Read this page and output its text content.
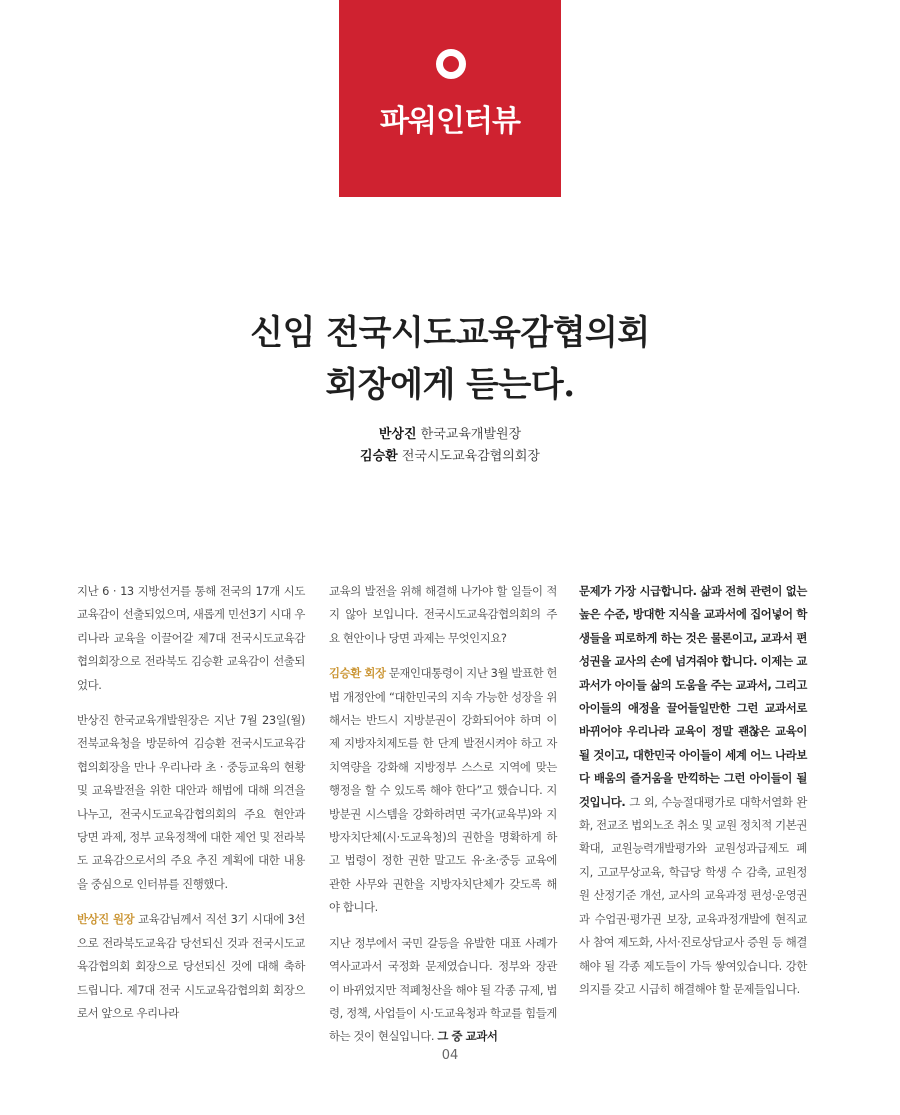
파워인터뷰
신임 전국시도교육감협의회
회장에게 듣는다.
반상진 한국교육개발원장
김승환 전국시도교육감협의회장

지난 6 · 13 지방선거를 통해 전국의 17개 시도 교육감이 선출되었으며, 새롭게 민선3기 시대 우리나라 교육을 이끌어갈 제7대 전국시도교육감협의회장으로 전라북도 김승환 교육감이 선출되었다.

반상진 한국교육개발원장은 지난 7월 23일(월) 전북교육청을 방문하여 김승환 전국시도교육감협의회장을 만나 우리나라 초 · 중등교육의 현황 및 교육발전을 위한 대안과 해법에 대해 의견을 나누고, 전국시도교육감협의회의 주요 현안과 당면 과제, 정부 교육정책에 대한 제언 및 전라북도 교육감으로서의 주요 추진 계획에 대한 내용을 중심으로 인터뷰를 진행했다.

반상진 원장 교육감님께서 직선 3기 시대에 3선으로 전라북도교육감 당선되신 것과 전국시도교육감협의회 회장으로 당선되신 것에 대해 축하드립니다. 제7대 전국 시도교육감협의회 회장으로서 앞으로 우리나라

교육의 발전을 위해 해결해 나가야 할 일들이 적지 않아 보입니다. 전국시도교육감협의회의 주요 현안이나 당면 과제는 무엇인지요?

김승환 회장 문재인대통령이 지난 3월 발표한 헌법 개정안에 “대한민국의 지속 가능한 성장을 위해서는 반드시 지방분권이 강화되어야 하며 이제 지방자치제도를 한 단계 발전시켜야 하고 자치역량을 강화해 지방정부 스스로 지역에 맞는 행정을 할 수 있도록 해야 한다”고 했습니다. 지방분권 시스템을 강화하려면 국가(교육부)와 지방자치단체(시·도교육청)의 권한을 명확하게 하고 법령이 정한 권한 말고도 유·초·중등 교육에 관한 사무와 권한을 지방자치단체가 갖도록 해야 합니다.

지난 정부에서 국민 갈등을 유발한 대표 사례가 역사교과서 국정화 문제였습니다. 정부와 장관이 바뀌었지만 적폐청산을 해야 될 각종 규제, 법령, 정책, 사업들이 시·도교육청과 학교를 힘들게 하는 것이 현실입니다. 그 중 교과서

문제가 가장 시급합니다. 삶과 전혀 관련이 없는 높은 수준, 방대한 지식을 교과서에 집어넣어 학생들을 피로하게 하는 것은 물론이고, 교과서 편성권을 교사의 손에 넘겨줘야 합니다. 이제는 교과서가 아이들 삶의 도움을 주는 교과서, 그리고 아이들의 애정을 끌어들일만한 그런 교과서로 바뀌어야 우리나라 교육이 정말 괜찮은 교육이 될 것이고, 대한민국 아이들이 세계 어느 나라보다 배움의 즐거움을 만끽하는 그런 아이들이 될 것입니다. 그 외, 수능절대평가로 대학서열화 완화, 전교조 법외노조 취소 및 교원 정치적 기본권 확대, 교원능력개발평가와 교원성과급제도 폐지, 고교무상교육, 학급당 학생 수 감축, 교원정원 산정기준 개선, 교사의 교육과정 편성·운영권과 수업권·평가권 보장, 교육과정개발에 현직교사 참여 제도화, 사서·진로상담교사 증원 등 해결해야 될 각종 제도들이 가득 쌓여있습니다. 강한 의지를 갖고 시급히 해결해야 할 문제들입니다.

04
